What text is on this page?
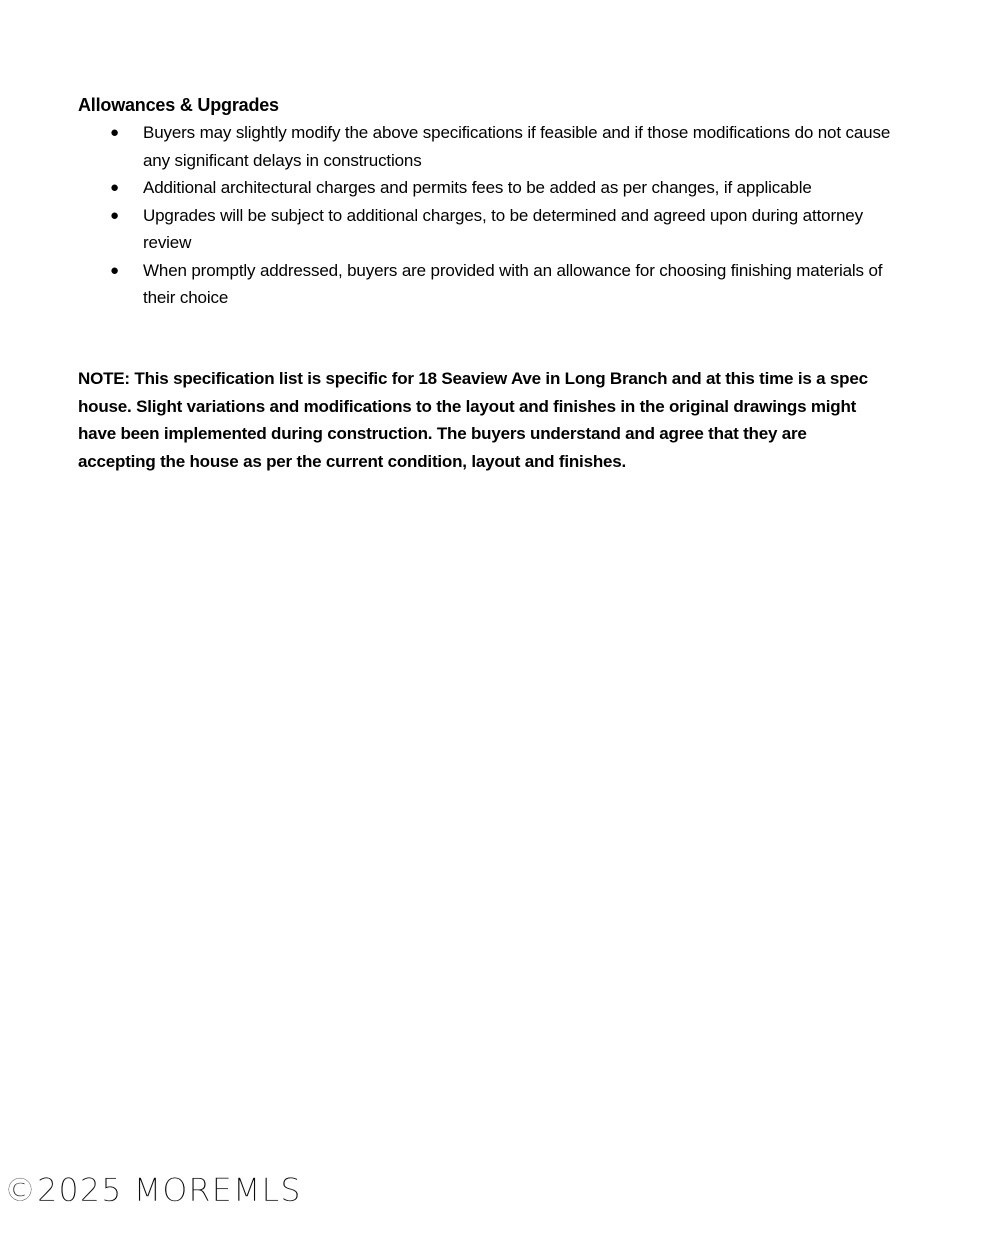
Allowances & Upgrades
●	Buyers may slightly modify the above specifications if feasible and if those modifications do not cause any significant delays in constructions
●	Additional architectural charges and permits fees to be added as per changes, if applicable
●	Upgrades will be subject to additional charges, to be determined and agreed upon during attorney review
●	When promptly addressed, buyers are provided with an allowance for choosing finishing materials of their choice

NOTE: This specification list is specific for 18 Seaview Ave in Long Branch and at this time is a spec house. Slight variations and modifications to the layout and finishes in the original drawings might have been implemented during construction. The buyers understand and agree that they are accepting the house as per the current condition, layout and finishes.

©2025 MOREMLS
